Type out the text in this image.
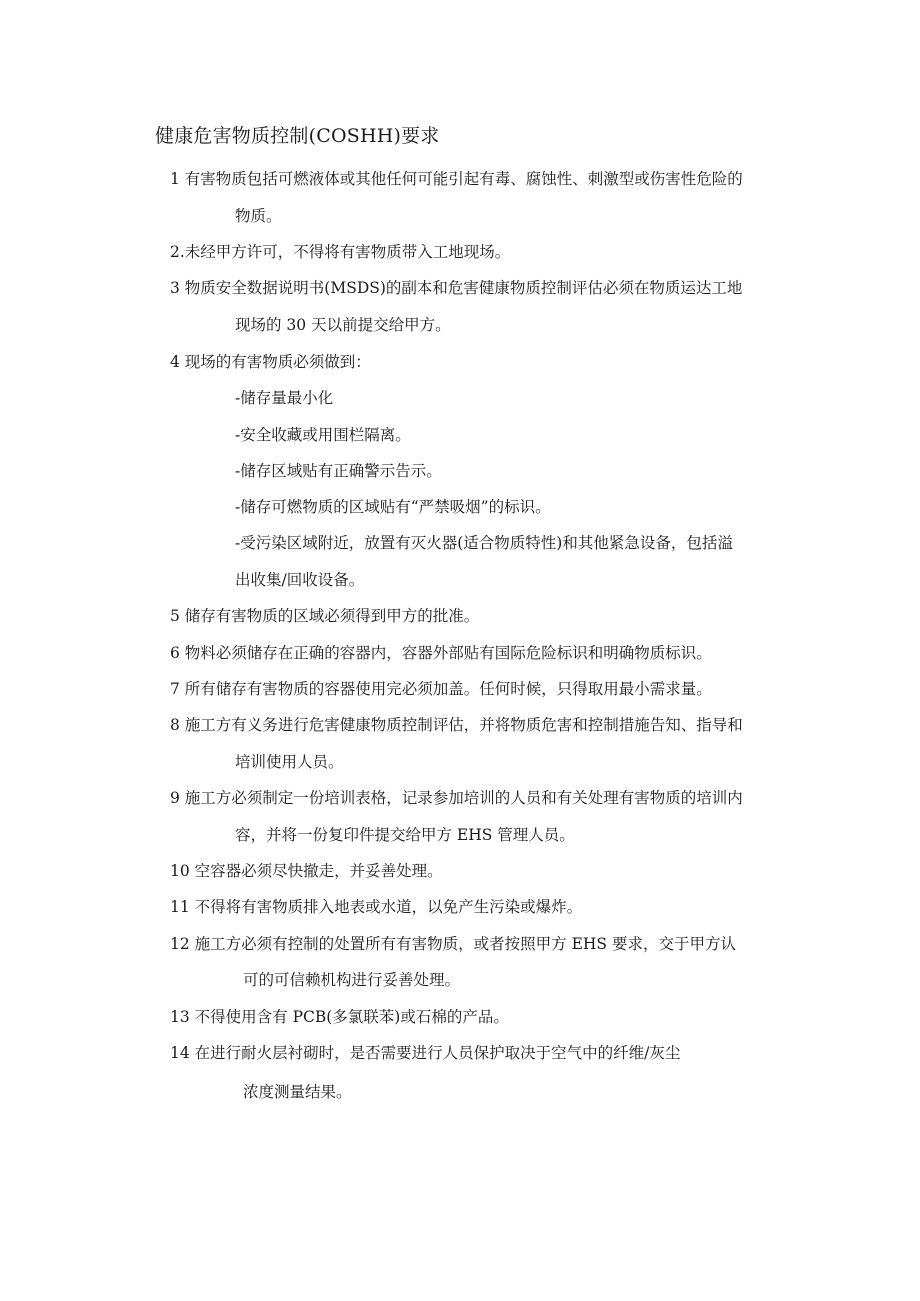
健康危害物质控制(COSHH)要求
1 有害物质包括可燃液体或其他任何可能引起有毒、腐蚀性、刺激型或伤害性危险的
物质。
2.未经甲方许可，不得将有害物质带入工地现场。
3 物质安全数据说明书(MSDS)的副本和危害健康物质控制评估必须在物质运达工地
现场的 30 天以前提交给甲方。
4 现场的有害物质必须做到：
-储存量最小化
-安全收藏或用围栏隔离。
-储存区域贴有正确警示告示。
-储存可燃物质的区域贴有“严禁吸烟”的标识。
-受污染区域附近，放置有灭火器(适合物质特性)和其他紧急设备，包括溢
出收集/回收设备。
5 储存有害物质的区域必须得到甲方的批准。
6 物料必须储存在正确的容器内，容器外部贴有国际危险标识和明确物质标识。
7 所有储存有害物质的容器使用完必须加盖。任何时候，只得取用最小需求量。
8 施工方有义务进行危害健康物质控制评估，并将物质危害和控制措施告知、指导和
培训使用人员。
9 施工方必须制定一份培训表格，记录参加培训的人员和有关处理有害物质的培训内
容，并将一份复印件提交给甲方 EHS 管理人员。
10 空容器必须尽快撤走，并妥善处理。
11 不得将有害物质排入地表或水道，以免产生污染或爆炸。
12 施工方必须有控制的处置所有有害物质，或者按照甲方 EHS 要求，交于甲方认
可的可信赖机构进行妥善处理。
13 不得使用含有 PCB(多氯联苯)或石棉的产品。
14 在进行耐火层衬砌时，是否需要进行人员保护取决于空气中的纤维/灰尘
浓度测量结果。
